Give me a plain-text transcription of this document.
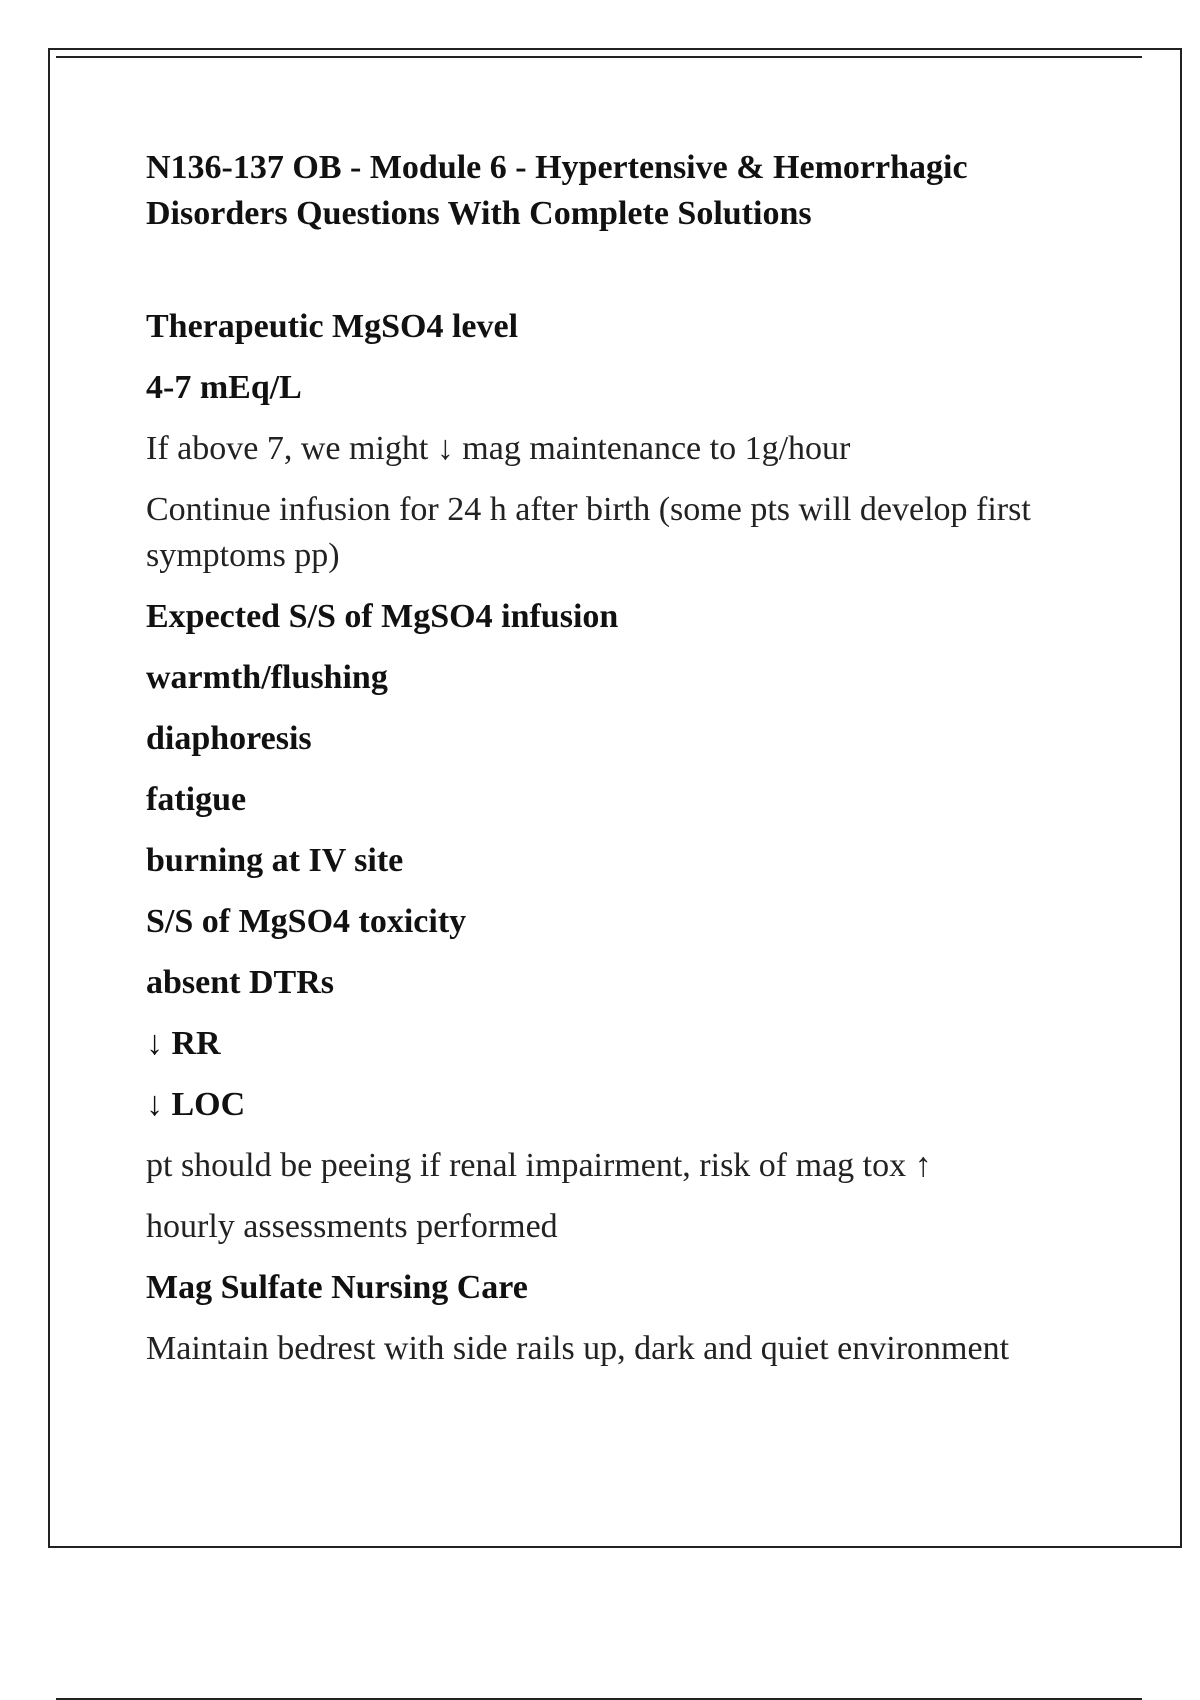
N136-137 OB - Module 6 - Hypertensive & Hemorrhagic Disorders Questions With Complete Solutions
Therapeutic MgSO4 level
4-7 mEq/L
If above 7, we might ↓ mag maintenance to 1g/hour
Continue infusion for 24 h after birth (some pts will develop first symptoms pp)
Expected S/S of MgSO4 infusion
warmth/flushing
diaphoresis
fatigue
burning at IV site
S/S of MgSO4 toxicity
absent DTRs
↓ RR
↓ LOC
pt should be peeing if renal impairment, risk of mag tox ↑
hourly assessments performed
Mag Sulfate Nursing Care
Maintain bedrest with side rails up, dark and quiet environment
